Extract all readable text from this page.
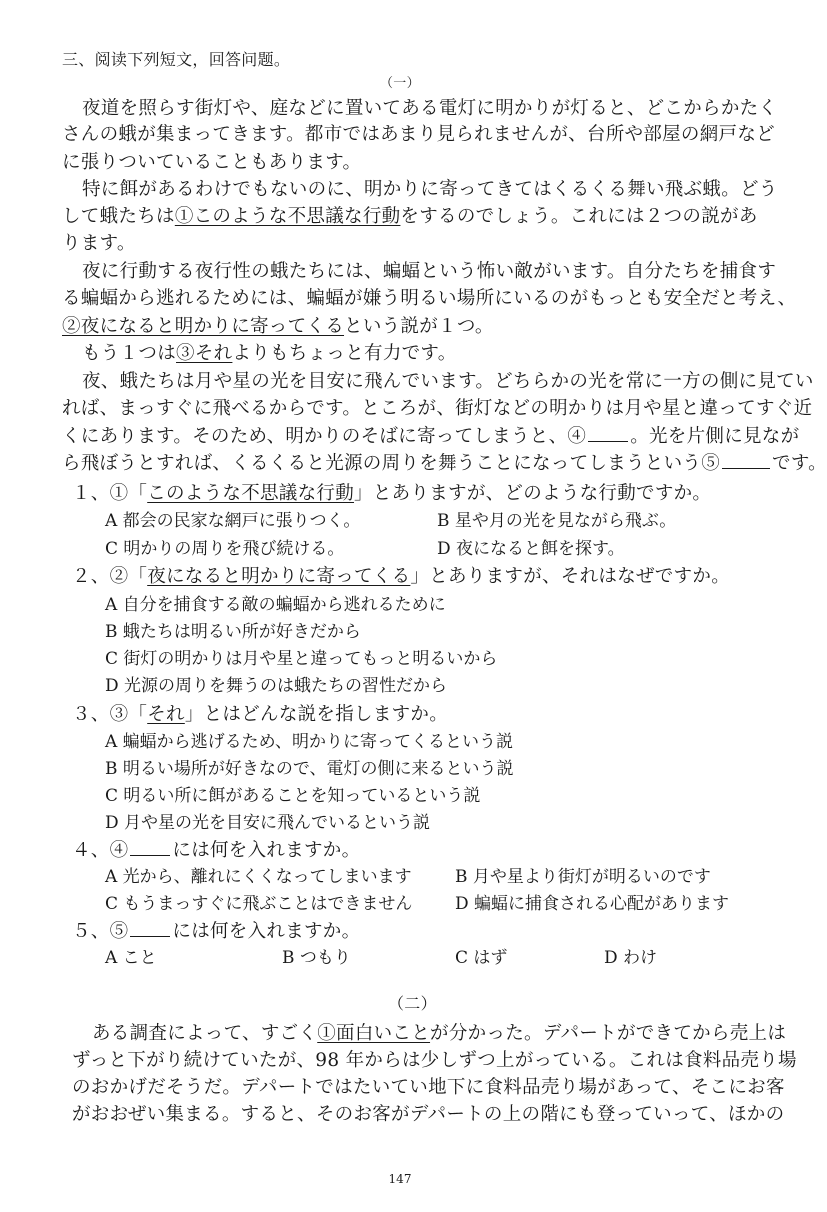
三、阅读下列短文，回答问题。
（一）
夜道を照らす街灯や、庭などに置いてある電灯に明かりが灯ると、どこからかたく
さんの蛾が集まってきます。都市ではあまり見られませんが、台所や部屋の網戸など
に張りついていることもあります。
特に餌があるわけでもないのに、明かりに寄ってきてはくるくる舞い飛ぶ蛾。どう
して蛾たちは①このような不思議な行動をするのでしょう。これには２つの説があ
ります。
夜に行動する夜行性の蛾たちには、蝙蝠という怖い敵がいます。自分たちを捕食す
る蝙蝠から逃れるためには、蝙蝠が嫌う明るい場所にいるのがもっとも安全だと考え、
②夜になると明かりに寄ってくるという説が１つ。
もう１つは③それよりもちょっと有力です。
夜、蛾たちは月や星の光を目安に飛んでいます。どちらかの光を常に一方の側に見てい
れば、まっすぐに飛べるからです。ところが、街灯などの明かりは月や星と違ってすぐ近
くにあります。そのため、明かりのそばに寄ってしまうと、④ 。光を片側に見なが
ら飛ぼうとすれば、くるくると光源の周りを舞うことになってしまうという⑤	です。
１、①「このような不思議な行動」とありますが、どのような行動ですか。
A 都会の民家な網戸に張りつく。	B 星や月の光を見ながら飛ぶ。
C 明かりの周りを飛び続ける。	D 夜になると餌を探す。
２、②「夜になると明かりに寄ってくる」とありますが、それはなぜですか。
A 自分を捕食する敵の蝙蝠から逃れるために
B 蛾たちは明るい所が好きだから
C 街灯の明かりは月や星と違ってもっと明るいから
D 光源の周りを舞うのは蛾たちの習性だから
３、③「それ」とはどんな説を指しますか。
A 蝙蝠から逃げるため、明かりに寄ってくるという説
B 明るい場所が好きなので、電灯の側に来るという説
C 明るい所に餌があることを知っているという説
D 月や星の光を目安に飛んでいるという説
４、④ には何を入れますか。
A 光から、離れにくくなってしまいます	B 月や星より街灯が明るいのです
C もうまっすぐに飛ぶことはできません	D 蝙蝠に捕食される心配があります
５、⑤ には何を入れますか。
A こと	B つもり	C はず	D わけ
（二）
ある調査によって、すごく①面白いことが分かった。デパートができてから売上は
ずっと下がり続けていたが、98 年からは少しずつ上がっている。これは食料品売り場
のおかげだそうだ。デパートではたいてい地下に食料品売り場があって、そこにお客
がおおぜい集まる。すると、そのお客がデパートの上の階にも登っていって、ほかの
147
